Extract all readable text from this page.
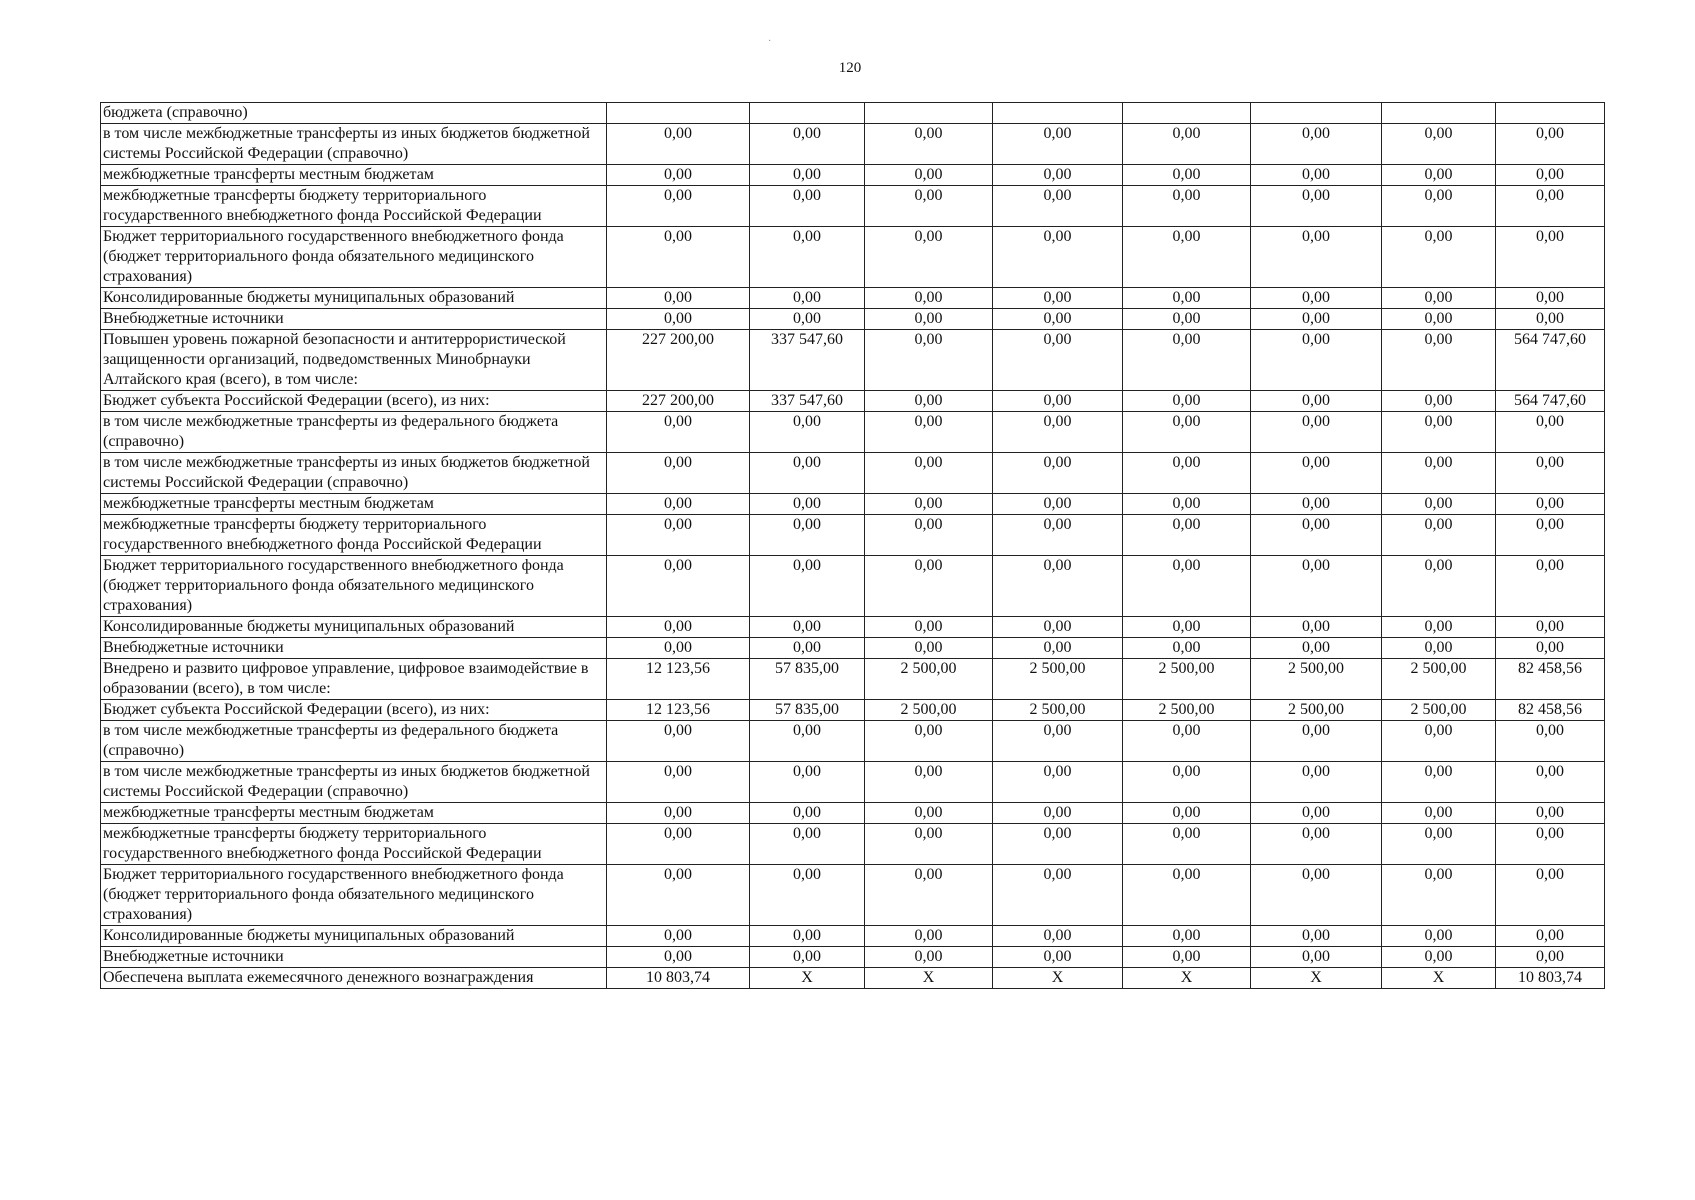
·
120
бюджета (справочно)								
в том числе межбюджетные трансферты из иных бюджетов бюджетной системы Российской Федерации (справочно)	0,00	0,00	0,00	0,00	0,00	0,00	0,00	0,00
межбюджетные трансферты местным бюджетам	0,00	0,00	0,00	0,00	0,00	0,00	0,00	0,00
межбюджетные трансферты бюджету территориального государственного внебюджетного фонда Российской Федерации	0,00	0,00	0,00	0,00	0,00	0,00	0,00	0,00
Бюджет территориального государственного внебюджетного фонда (бюджет территориального фонда обязательного медицинского страхования)	0,00	0,00	0,00	0,00	0,00	0,00	0,00	0,00
Консолидированные бюджеты муниципальных образований	0,00	0,00	0,00	0,00	0,00	0,00	0,00	0,00
Внебюджетные источники	0,00	0,00	0,00	0,00	0,00	0,00	0,00	0,00
Повышен уровень пожарной безопасности и антитеррористической защищенности организаций, подведомственных Минобрнауки Алтайского края (всего), в том числе:	227 200,00	337 547,60	0,00	0,00	0,00	0,00	0,00	564 747,60
Бюджет субъекта Российской Федерации (всего), из них:	227 200,00	337 547,60	0,00	0,00	0,00	0,00	0,00	564 747,60
в том числе межбюджетные трансферты из федерального бюджета (справочно)	0,00	0,00	0,00	0,00	0,00	0,00	0,00	0,00
в том числе межбюджетные трансферты из иных бюджетов бюджетной системы Российской Федерации (справочно)	0,00	0,00	0,00	0,00	0,00	0,00	0,00	0,00
межбюджетные трансферты местным бюджетам	0,00	0,00	0,00	0,00	0,00	0,00	0,00	0,00
межбюджетные трансферты бюджету территориального государственного внебюджетного фонда Российской Федерации	0,00	0,00	0,00	0,00	0,00	0,00	0,00	0,00
Бюджет территориального государственного внебюджетного фонда (бюджет территориального фонда обязательного медицинского страхования)	0,00	0,00	0,00	0,00	0,00	0,00	0,00	0,00
Консолидированные бюджеты муниципальных образований	0,00	0,00	0,00	0,00	0,00	0,00	0,00	0,00
Внебюджетные источники	0,00	0,00	0,00	0,00	0,00	0,00	0,00	0,00
Внедрено и развито цифровое управление, цифровое взаимодействие в образовании (всего), в том числе:	12 123,56	57 835,00	2 500,00	2 500,00	2 500,00	2 500,00	2 500,00	82 458,56
Бюджет субъекта Российской Федерации (всего), из них:	12 123,56	57 835,00	2 500,00	2 500,00	2 500,00	2 500,00	2 500,00	82 458,56
в том числе межбюджетные трансферты из федерального бюджета (справочно)	0,00	0,00	0,00	0,00	0,00	0,00	0,00	0,00
в том числе межбюджетные трансферты из иных бюджетов бюджетной системы Российской Федерации (справочно)	0,00	0,00	0,00	0,00	0,00	0,00	0,00	0,00
межбюджетные трансферты местным бюджетам	0,00	0,00	0,00	0,00	0,00	0,00	0,00	0,00
межбюджетные трансферты бюджету территориального государственного внебюджетного фонда Российской Федерации	0,00	0,00	0,00	0,00	0,00	0,00	0,00	0,00
Бюджет территориального государственного внебюджетного фонда (бюджет территориального фонда обязательного медицинского страхования)	0,00	0,00	0,00	0,00	0,00	0,00	0,00	0,00
Консолидированные бюджеты муниципальных образований	0,00	0,00	0,00	0,00	0,00	0,00	0,00	0,00
Внебюджетные источники	0,00	0,00	0,00	0,00	0,00	0,00	0,00	0,00
Обеспечена выплата ежемесячного денежного вознаграждения	10 803,74	X	X	X	X	X	X	10 803,74
